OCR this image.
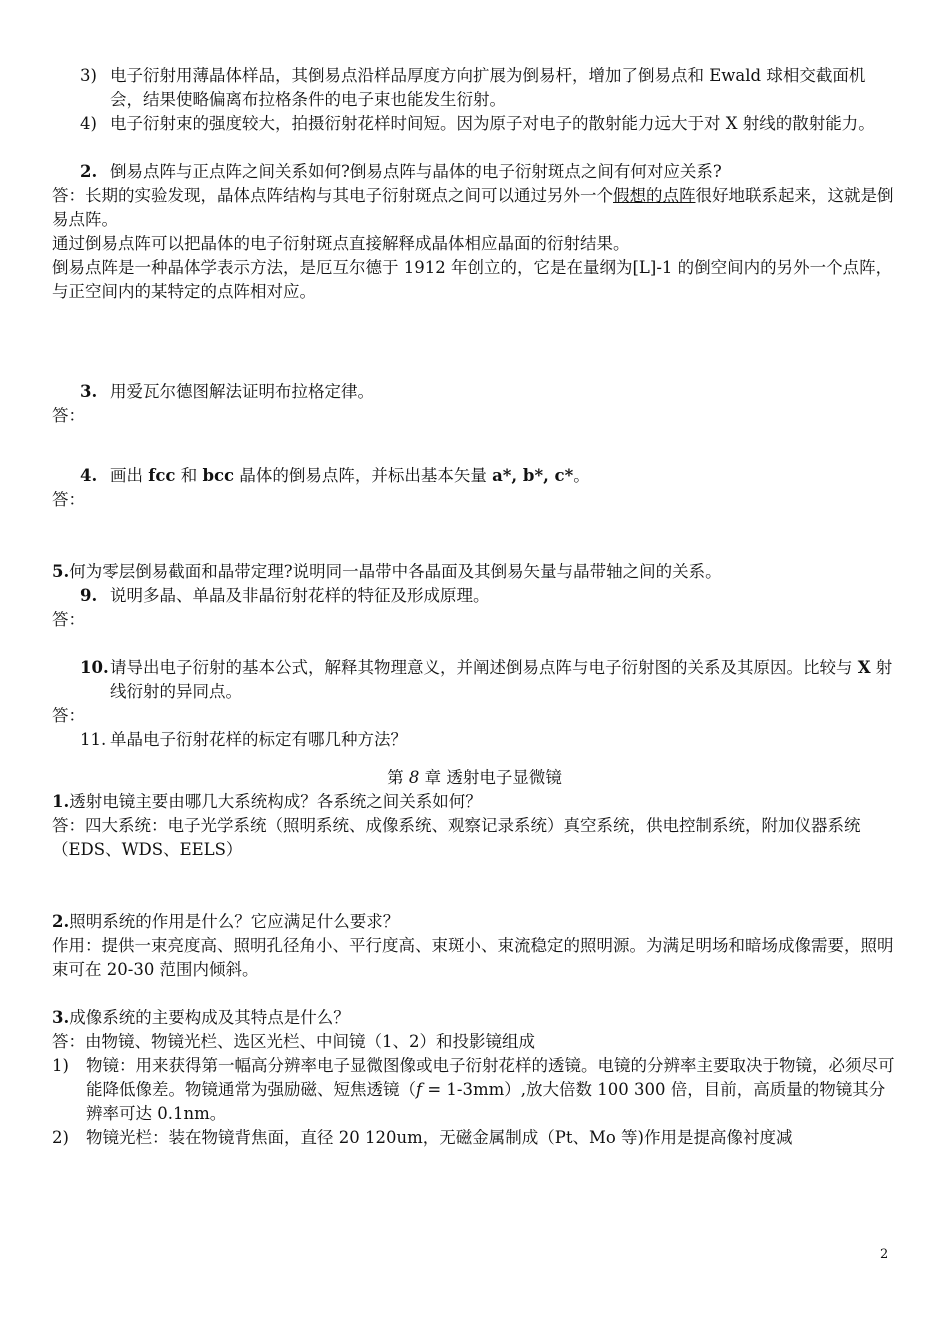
3) 电子衍射用薄晶体样品，其倒易点沿样品厚度方向扩展为倒易杆，增加了倒易点和 Ewald 球相交截面机会，结果使略偏离布拉格条件的电子束也能发生衍射。
4) 电子衍射束的强度较大，拍摄衍射花样时间短。因为原子对电子的散射能力远大于对 X 射线的散射能力。
2. 倒易点阵与正点阵之间关系如何?倒易点阵与晶体的电子衍射斑点之间有何对应关系?
答：长期的实验发现，晶体点阵结构与其电子衍射斑点之间可以通过另外一个假想的点阵很好地联系起来，这就是倒易点阵。
通过倒易点阵可以把晶体的电子衍射斑点直接解释成晶体相应晶面的衍射结果。
倒易点阵是一种晶体学表示方法，是厄互尔德于 1912 年创立的，它是在量纲为[L]-1 的倒空间内的另外一个点阵，与正空间内的某特定的点阵相对应。
3. 用爱瓦尔德图解法证明布拉格定律。
答：
4. 画出 fcc 和 bcc 晶体的倒易点阵，并标出基本矢量 a*, b*, c*。
答：
5.何为零层倒易截面和晶带定理?说明同一晶带中各晶面及其倒易矢量与晶带轴之间的关系。
9. 说明多晶、单晶及非晶衍射花样的特征及形成原理。
答：
10. 请导出电子衍射的基本公式，解释其物理意义，并阐述倒易点阵与电子衍射图的关系及其原因。比较与 X 射线衍射的异同点。
答：
11. 单晶电子衍射花样的标定有哪几种方法？
第 8 章 透射电子显微镜
1.透射电镜主要由哪几大系统构成？各系统之间关系如何？
答：四大系统：电子光学系统（照明系统、成像系统、观察记录系统）真空系统，供电控制系统，附加仪器系统（EDS、WDS、EELS）
2.照明系统的作用是什么？它应满足什么要求？
作用：提供一束亮度高、照明孔径角小、平行度高、束斑小、束流稳定的照明源。为满足明场和暗场成像需要，照明束可在 20-30 范围内倾斜。
3.成像系统的主要构成及其特点是什么？
答：由物镜、物镜光栏、选区光栏、中间镜（1、2）和投影镜组成
1) 物镜：用来获得第一幅高分辨率电子显微图像或电子衍射花样的透镜。电镜的分辨率主要取决于物镜，必须尽可能降低像差。物镜通常为强励磁、短焦透镜（f = 1-3mm）,放大倍数 100 300 倍，目前，高质量的物镜其分辨率可达 0.1nm。
2) 物镜光栏：装在物镜背焦面，直径 20 120um，无磁金属制成（Pt、Mo 等)作用是提高像衬度减
2
